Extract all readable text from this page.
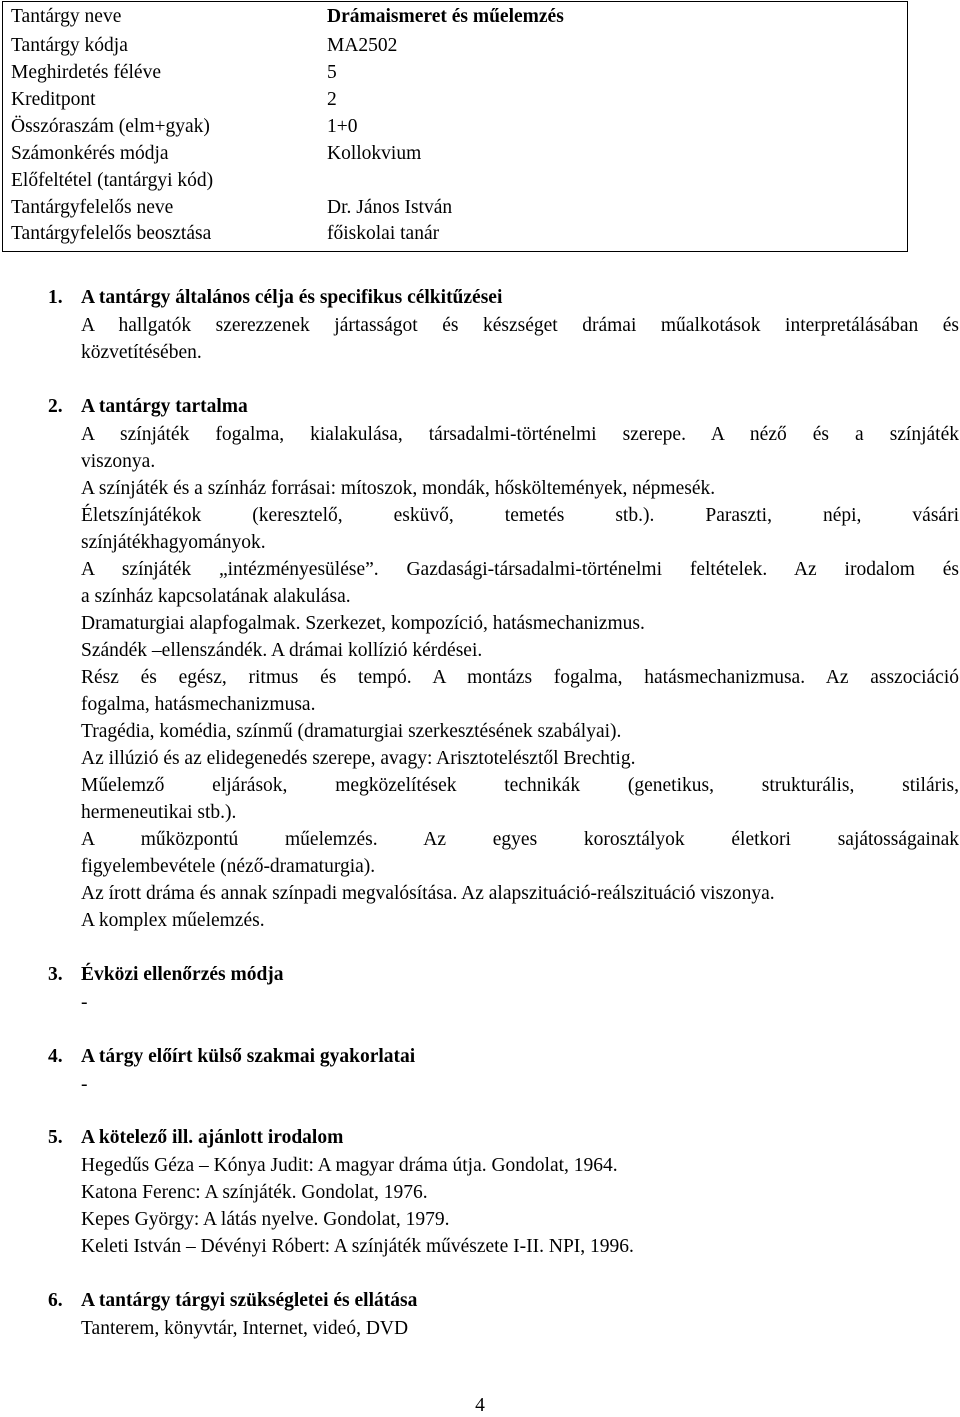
Tantárgy neve	Drámaismeret és műelemzés
Tantárgy kódja	MA2502
Meghirdetés féléve	5
Kreditpont	2
Összóraszám (elm+gyak)	1+0
Számonkérés módja	Kollokvium
Előfeltétel (tantárgyi kód)	
Tantárgyfelelős neve	Dr. János István
Tantárgyfelelős beosztása	főiskolai tanár
1. A tantárgy általános célja és specifikus célkitűzései
A hallgatók szerezzenek jártasságot és készséget drámai műalkotások interpretálásában és
közvetítésében.
2. A tantárgy tartalma
A színjáték fogalma, kialakulása, társadalmi-történelmi szerepe. A néző és a színjáték
viszonya.
A színjáték és a színház forrásai: mítoszok, mondák, hősköltemények, népmesék.
Életszínjátékok (keresztelő, esküvő, temetés stb.). Paraszti, népi, vásári
színjátékhagyományok.
A színjáték „intézményesülése”. Gazdasági-társadalmi-történelmi feltételek. Az irodalom és
a színház kapcsolatának alakulása.
Dramaturgiai alapfogalmak. Szerkezet, kompozíció, hatásmechanizmus.
Szándék –ellenszándék. A drámai kollízió kérdései.
Rész és egész, ritmus és tempó. A montázs fogalma, hatásmechanizmusa. Az asszociáció
fogalma, hatásmechanizmusa.
Tragédia, komédia, színmű (dramaturgiai szerkesztésének szabályai).
Az illúzió és az elidegenedés szerepe, avagy: Arisztotelésztől Brechtig.
Műelemző eljárások, megközelítések technikák (genetikus, strukturális, stiláris,
hermeneutikai stb.).
A műközpontú műelemzés. Az egyes korosztályok életkori sajátosságainak
figyelembevétele (néző-dramaturgia).
Az írott dráma és annak színpadi megvalósítása. Az alapszituáció-reálszituáció viszonya.
A komplex műelemzés.
3. Évközi ellenőrzés módja
-
4. A tárgy előírt külső szakmai gyakorlatai
-
5. A kötelező ill. ajánlott irodalom
Hegedűs Géza – Kónya Judit: A magyar dráma útja. Gondolat, 1964.
Katona Ferenc: A színjáték. Gondolat, 1976.
Kepes György: A látás nyelve. Gondolat, 1979.
Keleti István – Dévényi Róbert: A színjáték művészete I-II. NPI, 1996.
6. A tantárgy tárgyi szükségletei és ellátása
Tanterem, könyvtár, Internet, videó, DVD
4
